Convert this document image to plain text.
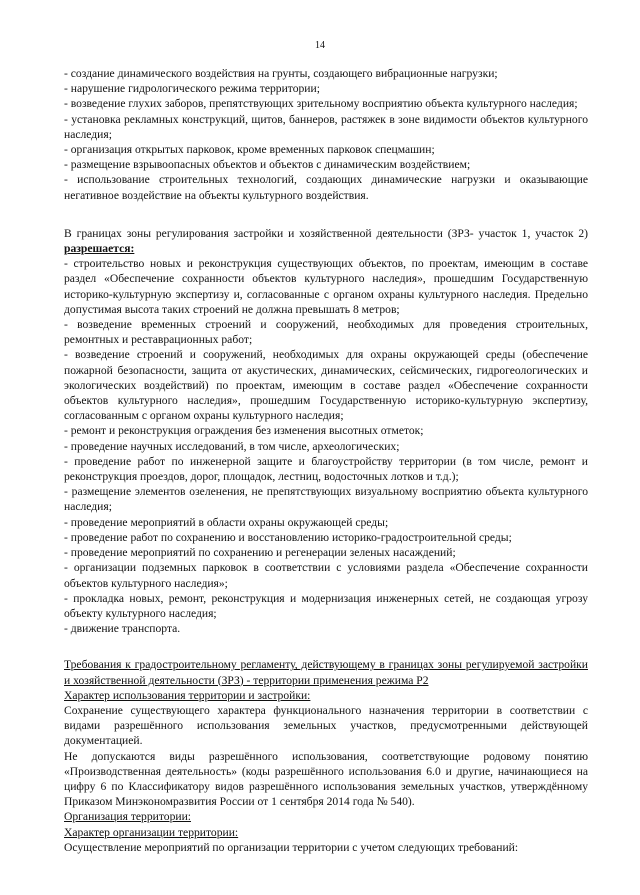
14

- создание динамического воздействия на грунты, создающего вибрационные нагрузки;

- нарушение гидрологического режима территории;

- возведение глухих заборов, препятствующих зрительному восприятию объекта культурного наследия;

- установка рекламных конструкций, щитов, баннеров, растяжек в зоне видимости объектов культурного наследия;

- организация открытых парковок, кроме временных парковок спецмашин;

- размещение взрывоопасных объектов и объектов с динамическим воздействием;

- использование строительных технологий, создающих динамические нагрузки и оказывающие негативное воздействие на объекты культурного воздействия.

В границах зоны регулирования застройки и хозяйственной деятельности (ЗРЗ- участок 1, участок 2) разрешается:

- строительство новых и реконструкция существующих объектов, по проектам, имеющим в составе раздел «Обеспечение сохранности объектов культурного наследия», прошедшим Государственную историко-культурную экспертизу и, согласованные с органом охраны культурного наследия. Предельно допустимая высота таких строений не должна превышать 8 метров;

- возведение временных строений и сооружений, необходимых для проведения строительных, ремонтных и реставрационных работ;

- возведение строений и сооружений, необходимых для охраны окружающей среды (обеспечение пожарной безопасности, защита от акустических, динамических, сейсмических, гидрогеологических и экологических воздействий) по проектам, имеющим в составе раздел «Обеспечение сохранности объектов культурного наследия», прошедшим Государственную историко-культурную экспертизу, согласованным с органом охраны культурного наследия;

- ремонт и реконструкция ограждения без изменения высотных отметок;

- проведение научных исследований, в том числе, археологических;

- проведение работ по инженерной защите и благоустройству территории (в том числе, ремонт и реконструкция проездов, дорог, площадок, лестниц, водосточных лотков и т.д.);

- размещение элементов озеленения, не препятствующих визуальному восприятию объекта культурного наследия;

- проведение мероприятий в области охраны окружающей среды;

- проведение работ по сохранению и восстановлению историко-градостроительной среды;

- проведение мероприятий по сохранению и регенерации зеленых насаждений;

- организации подземных парковок в соответствии с условиями раздела «Обеспечение сохранности объектов культурного наследия»;

- прокладка новых, ремонт, реконструкция и модернизация инженерных сетей, не создающая угрозу объекту культурного наследия;

- движение транспорта.

Требования к градостроительному регламенту, действующему в границах зоны регулируемой застройки и хозяйственной деятельности (ЗРЗ) - территории применения режима Р2

Характер использования территории и застройки:

Сохранение существующего характера функционального назначения территории в соответствии с видами разрешённого использования земельных участков, предусмотренными действующей документацией.

Не допускаются виды разрешённого использования, соответствующие родовому понятию «Производственная деятельность» (коды разрешённого использования 6.0 и другие, начинающиеся на цифру 6 по Классификатору видов разрешённого использования земельных участков, утверждённому Приказом Минэкономразвития России от 1 сентября 2014 года № 540).

Организация территории:

Характер организации территории:

Осуществление мероприятий по организации территории с учетом следующих требований:
